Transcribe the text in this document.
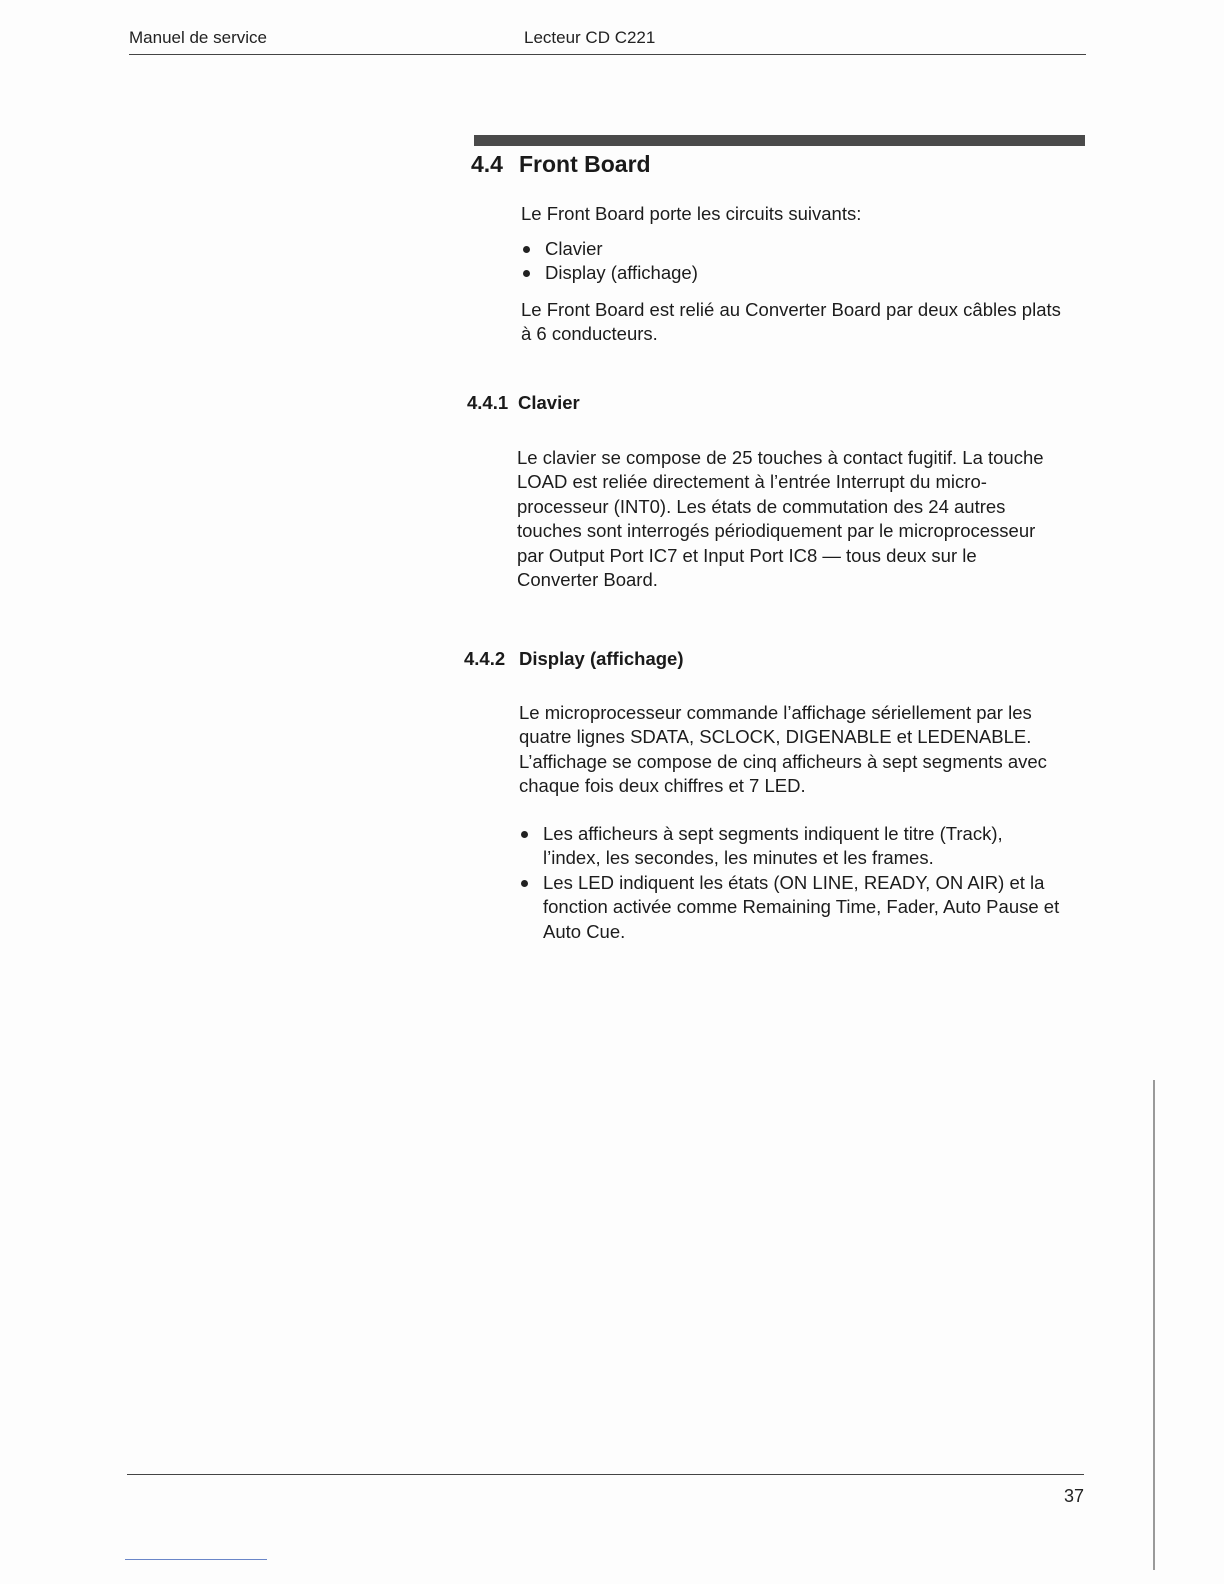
Manuel de service	Lecteur CD C221
4.4 Front Board
Le Front Board porte les circuits suivants:
Clavier
Display (affichage)
Le Front Board est relié au Converter Board par deux câbles plats
à 6 conducteurs.
4.4.1 Clavier
Le clavier se compose de 25 touches à contact fugitif. La touche
LOAD est reliée directement à l’entrée Interrupt du micro-
processeur (INT0). Les états de commutation des 24 autres
touches sont interrogés périodiquement par le microprocesseur
par Output Port IC7 et Input Port IC8 — tous deux sur le
Converter Board.
4.4.2 Display (affichage)
Le microprocesseur commande l’affichage sériellement par les
quatre lignes SDATA, SCLOCK, DIGENABLE et LEDENABLE.
L’affichage se compose de cinq afficheurs à sept segments avec
chaque fois deux chiffres et 7 LED.
Les afficheurs à sept segments indiquent le titre (Track),
l’index, les secondes, les minutes et les frames.
Les LED indiquent les états (ON LINE, READY, ON AIR) et la
fonction activée comme Remaining Time, Fader, Auto Pause et
Auto Cue.
37
